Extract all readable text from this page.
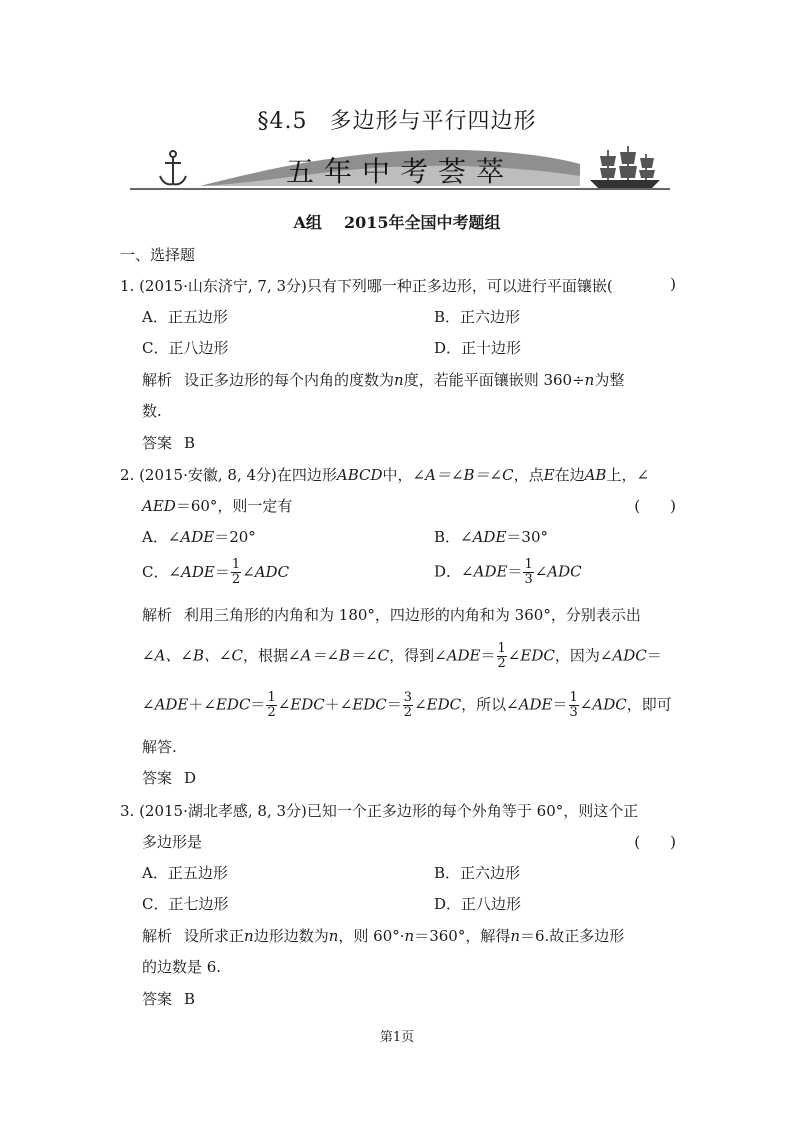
§4.5 多边形与平行四边形
五年中考荟萃
A组 2015年全国中考题组
一、选择题
1. (2015·山东济宁, 7, 3分)只有下列哪一种正多边形，可以进行平面镶嵌(	)
A．正五边形	B．正六边形
C．正八边形	D．正十边形
解析 设正多边形的每个内角的度数为n度，若能平面镶嵌则 360÷n为整
数.
答案 B
2. (2015·安徽, 8, 4分)在四边形ABCD中，∠A＝∠B＝∠C，点E在边AB上，∠
AED＝60°，则一定有	(　　)
A．∠ADE＝20°	B．∠ADE＝30°
C．∠ADE＝ $\frac{1}{2}$ ∠ADC	D．∠ADE＝ $\frac{1}{3}$ ∠ADC
解析 利用三角形的内角和为 180°，四边形的内角和为 360°，分别表示出
∠A、∠B、∠C，根据∠A＝∠B＝∠C，得到∠ADE＝ $\frac{1}{2}$ ∠EDC，因为∠ADC＝
∠ADE＋∠EDC＝ $\frac{1}{2}$ ∠EDC＋∠EDC＝ $\frac{3}{2}$ ∠EDC，所以∠ADE＝ $\frac{1}{3}$ ∠ADC，即可
解答.
答案 D
3. (2015·湖北孝感, 8, 3分)已知一个正多边形的每个外角等于 60°，则这个正
多边形是	(　　)
A．正五边形	B．正六边形
C．正七边形	D．正八边形
解析 设所求正n边形边数为n，则 60°·n＝360°，解得n＝6.故正多边形
的边数是 6.
答案 B
第1页
